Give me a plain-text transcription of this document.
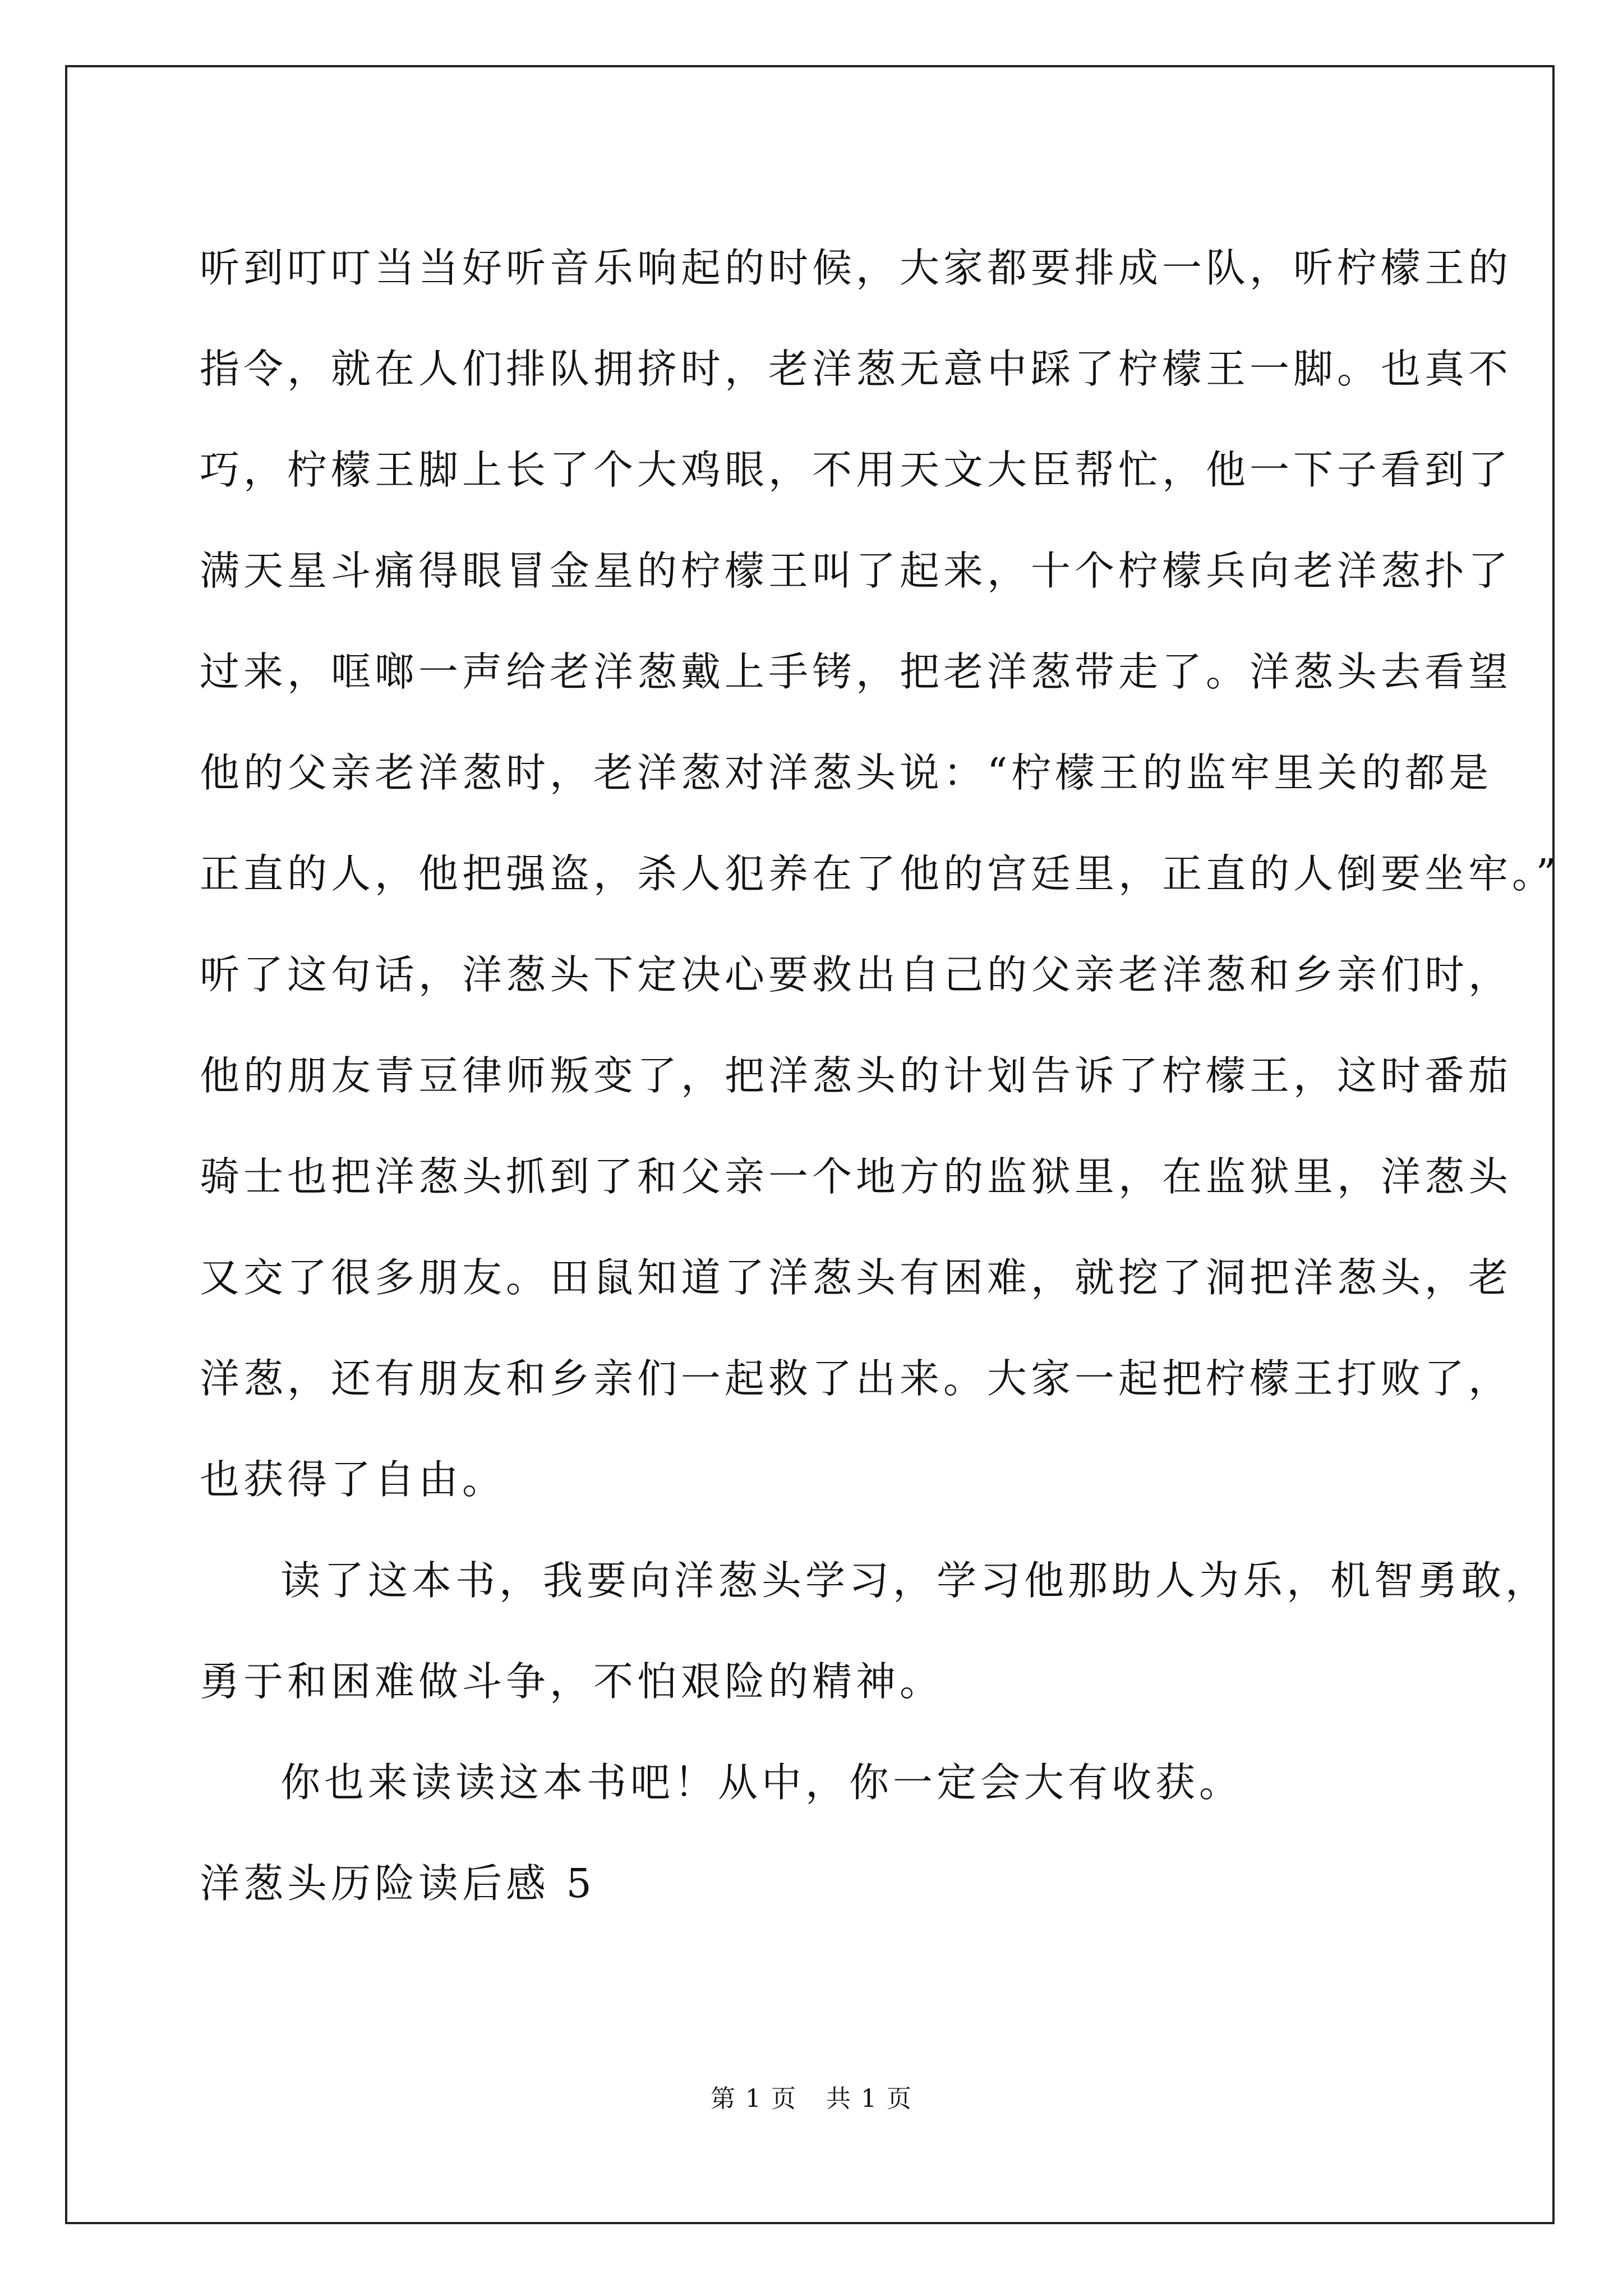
听到叮叮当当好听音乐响起的时候，大家都要排成一队，听柠檬王的
指令，就在人们排队拥挤时，老洋葱无意中踩了柠檬王一脚。也真不
巧，柠檬王脚上长了个大鸡眼，不用天文大臣帮忙，他一下子看到了
满天星斗痛得眼冒金星的柠檬王叫了起来，十个柠檬兵向老洋葱扑了
过来，哐啷一声给老洋葱戴上手铐，把老洋葱带走了。洋葱头去看望
他的父亲老洋葱时，老洋葱对洋葱头说：“柠檬王的监牢里关的都是
正直的人，他把强盗，杀人犯养在了他的宫廷里，正直的人倒要坐牢。”
听了这句话，洋葱头下定决心要救出自己的父亲老洋葱和乡亲们时，
他的朋友青豆律师叛变了，把洋葱头的计划告诉了柠檬王，这时番茄
骑士也把洋葱头抓到了和父亲一个地方的监狱里，在监狱里，洋葱头
又交了很多朋友。田鼠知道了洋葱头有困难，就挖了洞把洋葱头，老
洋葱，还有朋友和乡亲们一起救了出来。大家一起把柠檬王打败了，
也获得了自由。
读了这本书，我要向洋葱头学习，学习他那助人为乐，机智勇敢，
勇于和困难做斗争，不怕艰险的精神。
你也来读读这本书吧！从中，你一定会大有收获。
洋葱头历险读后感 5
第 1 页 共 1 页
